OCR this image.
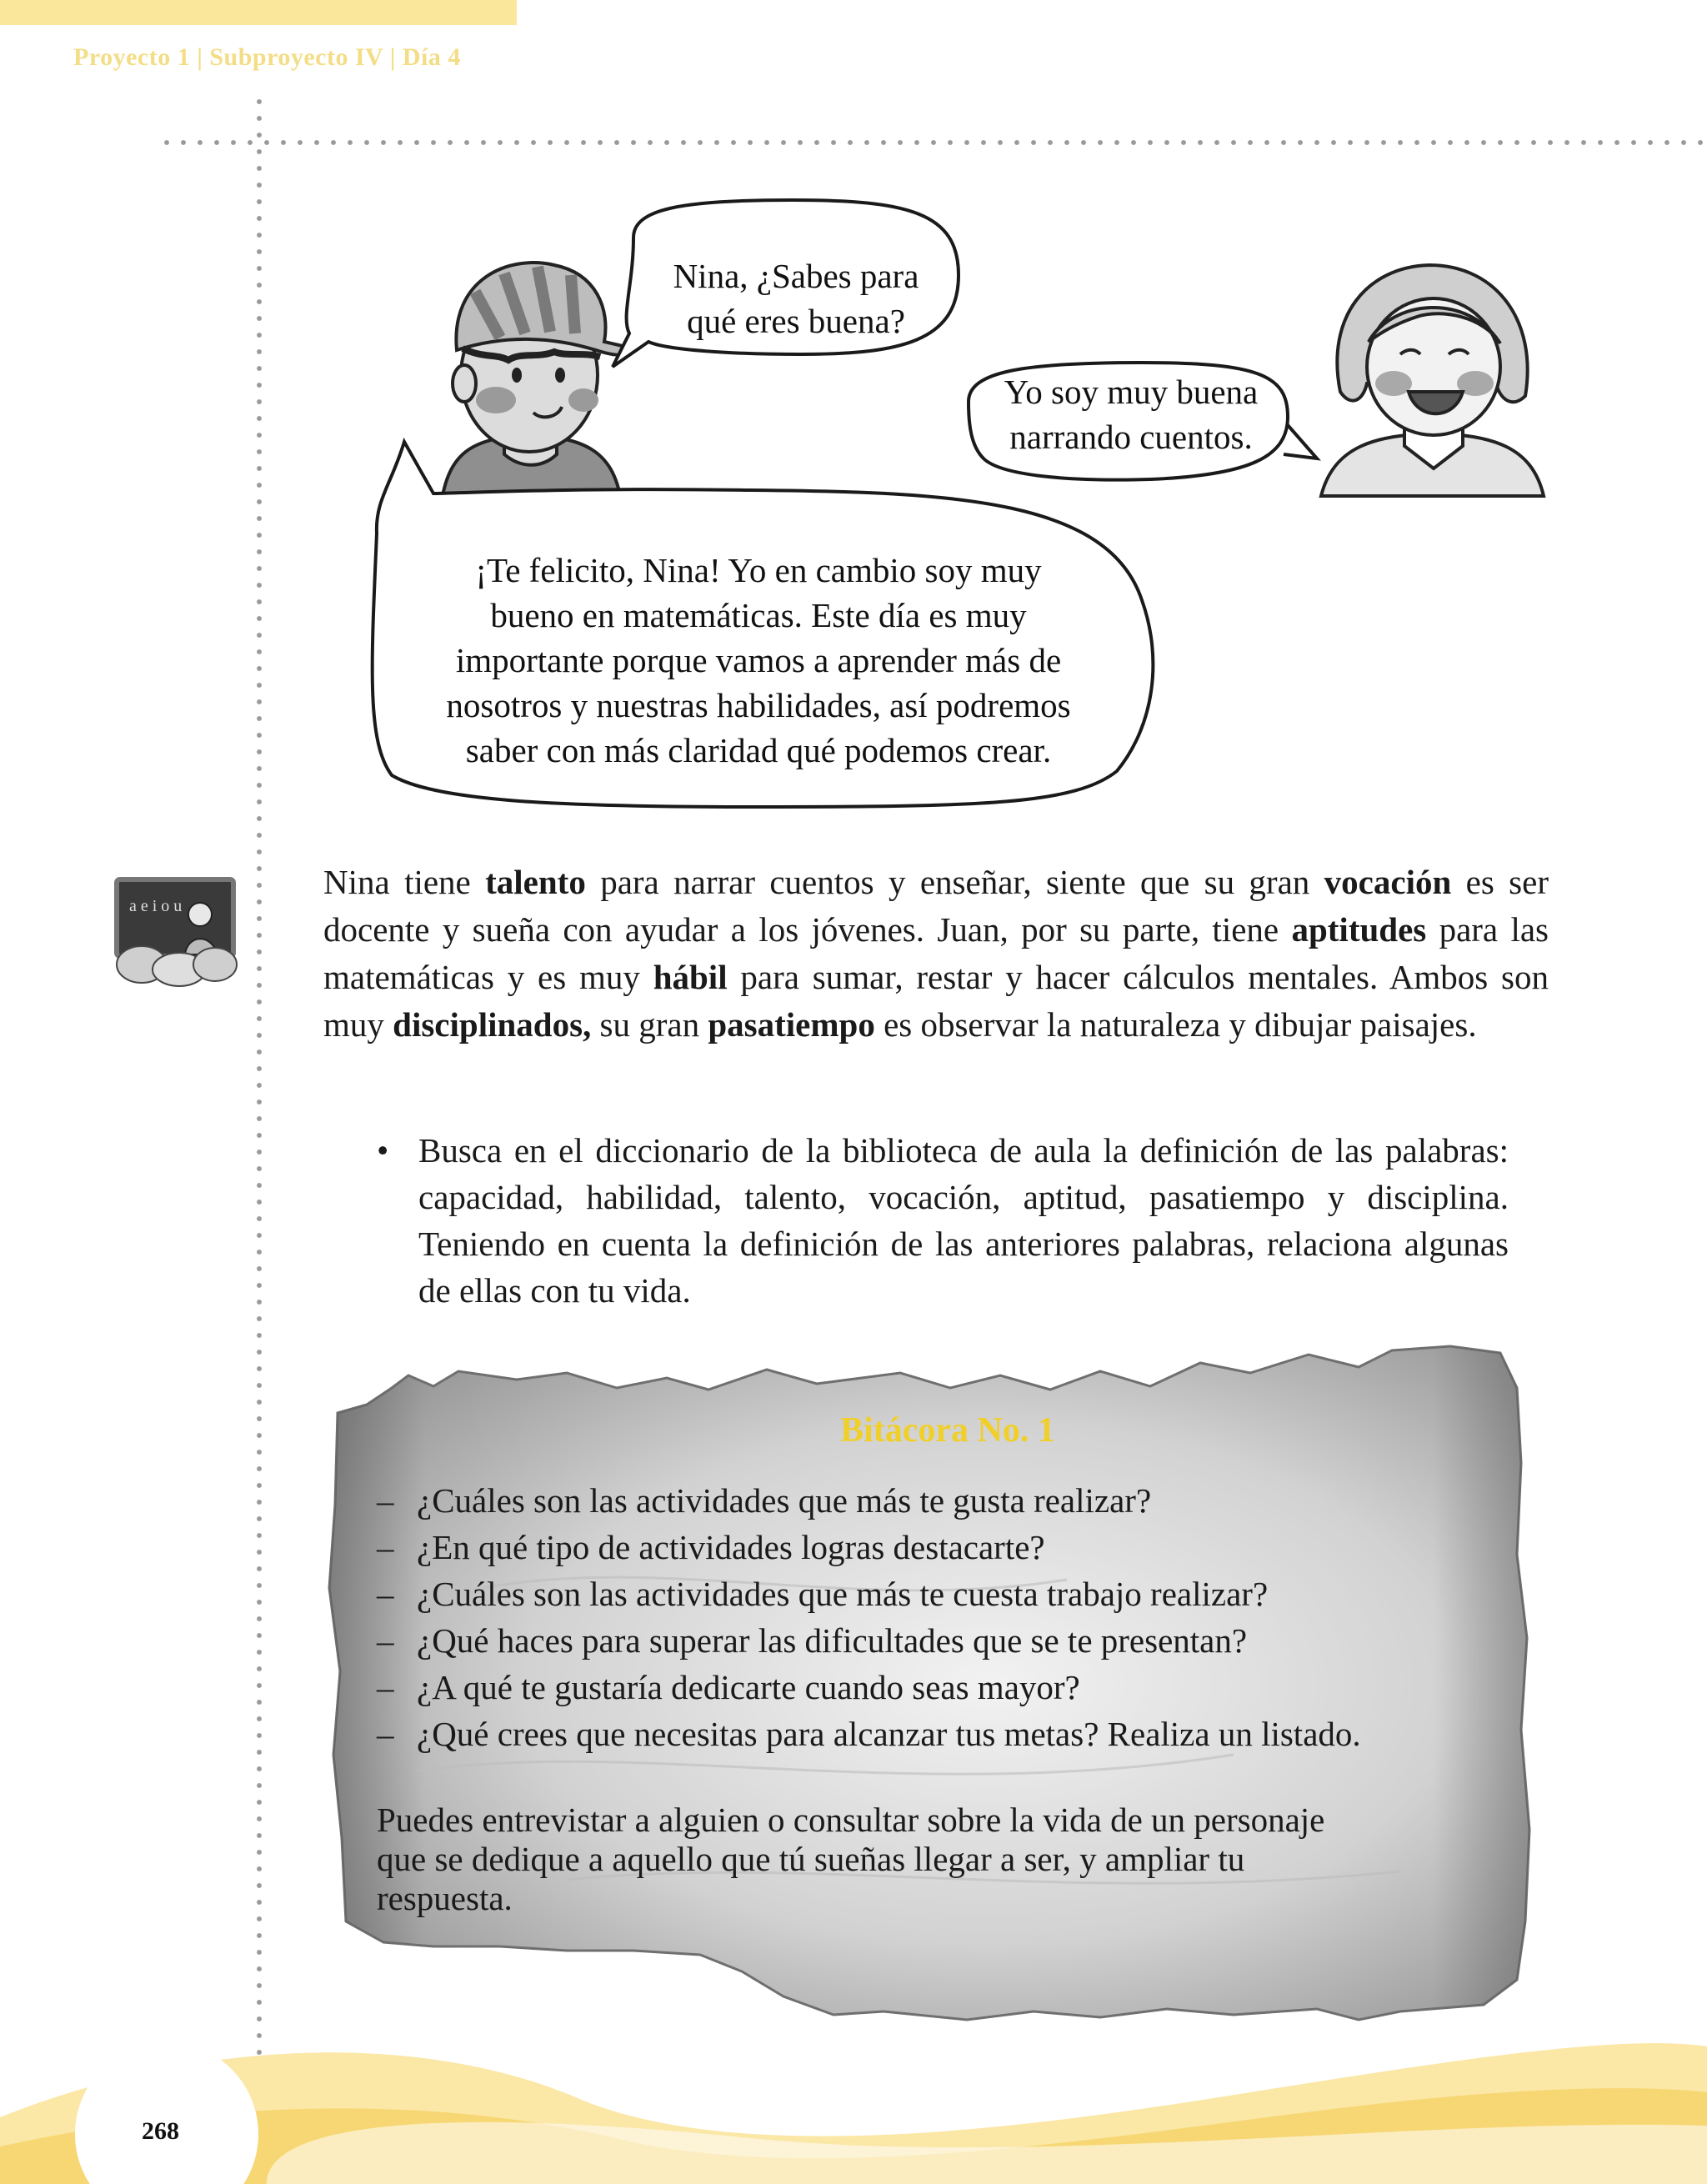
Proyecto 1 | Subproyecto IV | Día 4
Nina, ¿Sabes para
qué eres buena?
Yo soy muy buena
narrando cuentos.
¡Te felicito, Nina! Yo en cambio soy muy
bueno en matemáticas. Este día es muy
importante porque vamos a aprender más de
nosotros y nuestras habilidades, así podremos
saber con más claridad qué podemos crear.
a e i o u
Nina tiene talento para narrar cuentos y enseñar, siente que su gran vocación es ser docente y sueña con ayudar a los jóvenes. Juan, por su parte, tiene aptitudes para las matemáticas y es muy hábil para sumar, restar y hacer cálculos mentales. Ambos son muy disciplinados, su gran pasatiempo es observar la naturaleza y dibujar paisajes.
• Busca en el diccionario de la biblioteca de aula la definición de las palabras: capacidad, habilidad, talento, vocación, aptitud, pasatiempo y disciplina. Teniendo en cuenta la definición de las anteriores palabras, relaciona algunas de ellas con tu vida.
Bitácora No. 1
– ¿Cuáles son las actividades que más te gusta realizar?
– ¿En qué tipo de actividades logras destacarte?
– ¿Cuáles son las actividades que más te cuesta trabajo realizar?
– ¿Qué haces para superar las dificultades que se te presentan?
– ¿A qué te gustaría dedicarte cuando seas mayor?
– ¿Qué crees que necesitas para alcanzar tus metas? Realiza un listado.
Puedes entrevistar a alguien o consultar sobre la vida de un personaje
que se dedique a aquello que tú sueñas llegar a ser, y ampliar tu
respuesta.
268
